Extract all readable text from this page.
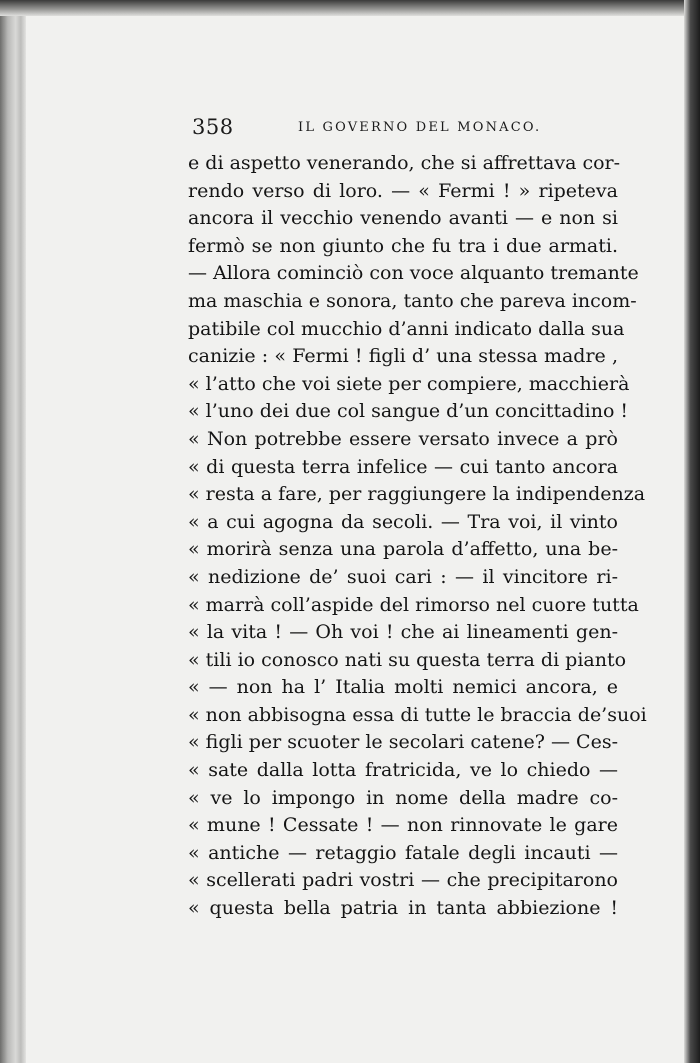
358	IL GOVERNO DEL MONACO.
e di aspetto venerando, che si affrettava cor-
rendo verso di loro. — « Fermi ! » ripeteva
ancora il vecchio venendo avanti — e non si
fermò se non giunto che fu tra i due armati.
— Allora cominciò con voce alquanto tremante
ma maschia e sonora, tanto che pareva incom-
patibile col mucchio d’anni indicato dalla sua
canizie : « Fermi ! figli d’ una stessa madre ,
« l’atto che voi siete per compiere, macchierà
« l’uno dei due col sangue d’un concittadino !
« Non potrebbe essere versato invece a prò
« di questa terra infelice — cui tanto ancora
« resta a fare, per raggiungere la indipendenza
« a cui agogna da secoli. — Tra voi, il vinto
« morirà senza una parola d’affetto, una be-
« nedizione de’ suoi cari : — il vincitore ri-
« marrà coll’aspide del rimorso nel cuore tutta
« la vita ! — Oh voi ! che ai lineamenti gen-
« tili io conosco nati su questa terra di pianto
« — non ha l’ Italia molti nemici ancora, e
« non abbisogna essa di tutte le braccia de’suoi
« figli per scuoter le secolari catene? — Ces-
« sate dalla lotta fratricida, ve lo chiedo —
« ve lo impongo in nome della madre co-
« mune ! Cessate ! — non rinnovate le gare
« antiche — retaggio fatale degli incauti —
« scellerati padri vostri — che precipitarono
« questa bella patria in tanta abbiezione !
